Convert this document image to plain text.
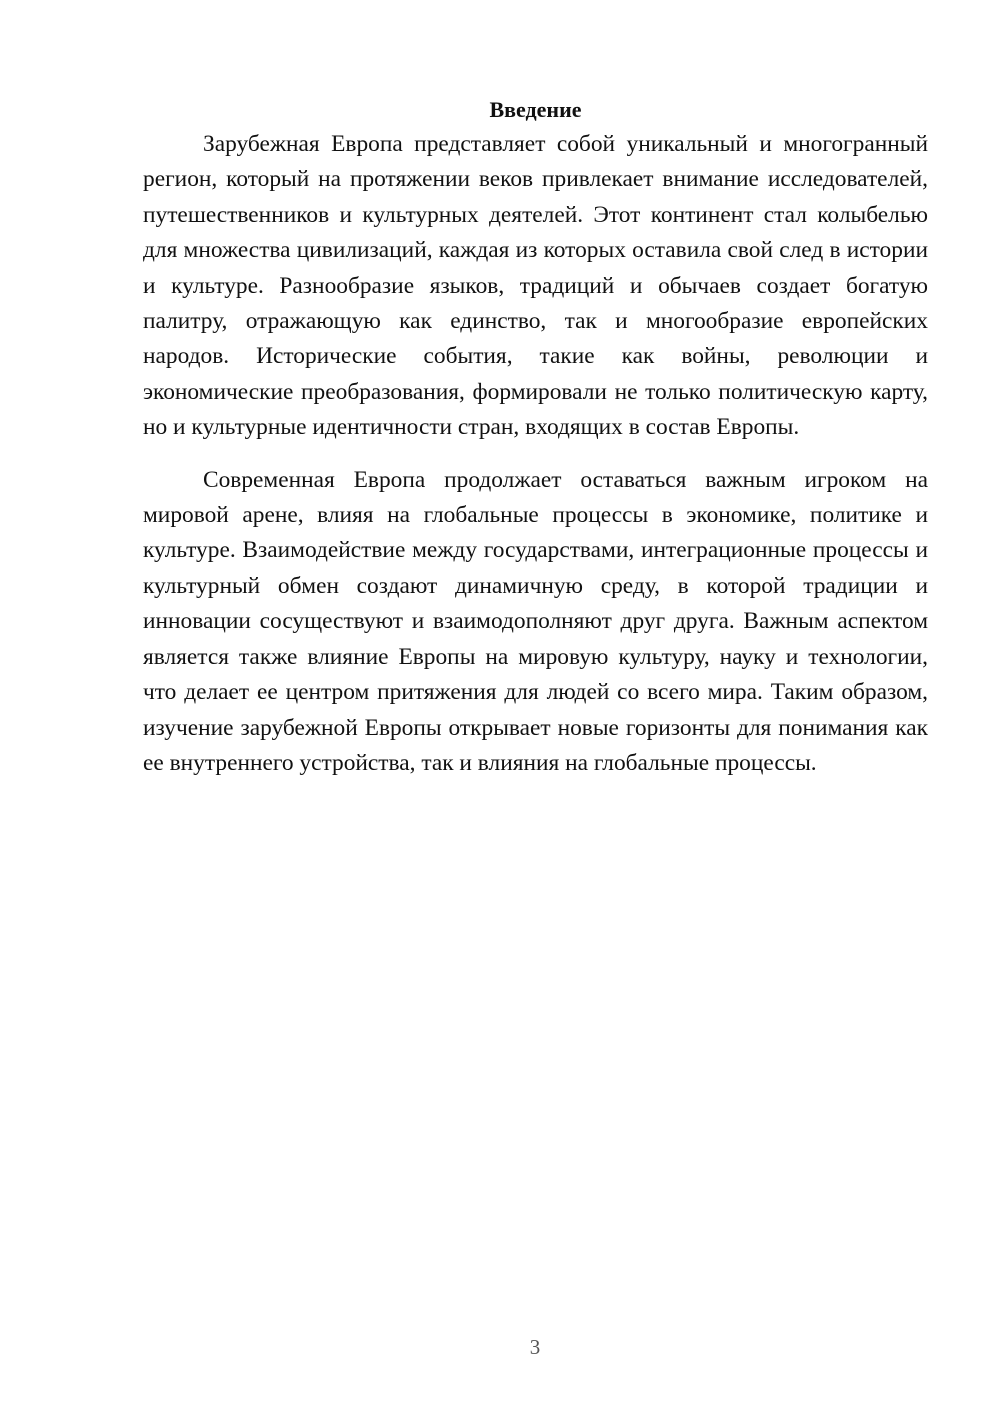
Введение

Зарубежная Европа представляет собой уникальный и многогранный регион, который на протяжении веков привлекает внимание исследователей, путешественников и культурных деятелей. Этот континент стал колыбелью для множества цивилизаций, каждая из которых оставила свой след в истории и культуре. Разнообразие языков, традиций и обычаев создает богатую палитру, отражающую как единство, так и многообразие европейских народов. Исторические события, такие как войны, революции и экономические преобразования, формировали не только политическую карту, но и культурные идентичности стран, входящих в состав Европы.

Современная Европа продолжает оставаться важным игроком на мировой арене, влияя на глобальные процессы в экономике, политике и культуре. Взаимодействие между государствами, интеграционные процессы и культурный обмен создают динамичную среду, в которой традиции и инновации сосуществуют и взаимодополняют друг друга. Важным аспектом является также влияние Европы на мировую культуру, науку и технологии, что делает ее центром притяжения для людей со всего мира. Таким образом, изучение зарубежной Европы открывает новые горизонты для понимания как ее внутреннего устройства, так и влияния на глобальные процессы.

3
